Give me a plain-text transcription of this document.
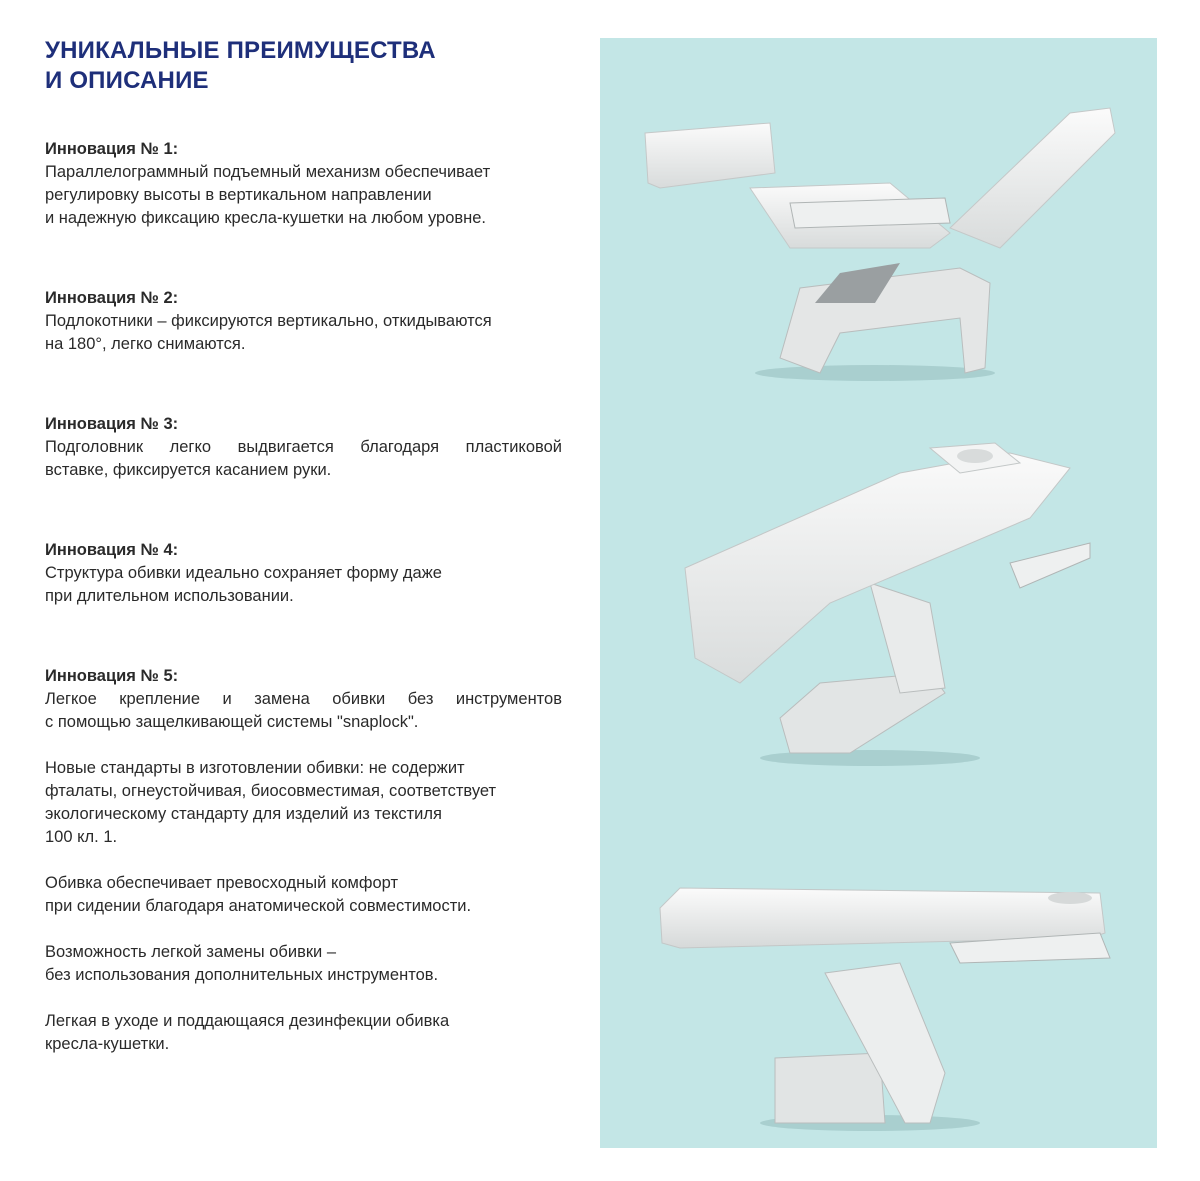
УНИКАЛЬНЫЕ ПРЕИМУЩЕСТВА
И ОПИСАНИЕ
Инновация № 1:

Параллелограммный подъемный механизм обеспечивает
регулировку высоты в вертикальном направлении
и надежную фиксацию кресла-кушетки на любом уровне.

Инновация № 2:

Подлокотники – фиксируются вертикально, откидываются
на 180°, легко снимаются.

Инновация № 3:

Подголовник легко выдвигается благодаря пластиковой
вставке, фиксируется касанием руки.

Инновация № 4:

Структура обивки идеально сохраняет форму даже
при длительном использовании.

Инновация № 5:

Легкое крепление и замена обивки без инструментов
с помощью защелкивающей системы "snaplock".

Новые стандарты в изготовлении обивки: не содержит
фталаты, огнеустойчивая, биосовместимая, соответствует
экологическому стандарту для изделий из текстиля
100 кл. 1.
Обивка обеспечивает превосходный комфорт
при сидении благодаря анатомической совместимости.
Возможность легкой замены обивки –
без использования дополнительных инструментов.
Легкая в уходе и поддающаяся дезинфекции обивка
кресла-кушетки.
